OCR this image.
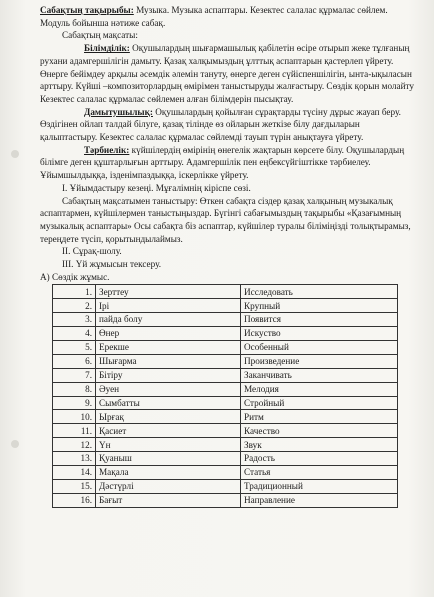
Сабақтың тақырыбы: Музыка. Музыка аспаптары. Кезектес салалас құрмалас сөйлем. Модуль бойынша нәтиже сабақ.

Сабақтың мақсаты:

Білімділік: Оқушылардың шығармашылық қабілетін өсіре отырып жеке тұлғаның рухани адамгершілігін дамыту. Қазақ халқымыздың ұлттық аспаптарын қастерлеп үйрету. Өнерге бейімдеу арқылы әсемдік әлемін тануту, өнерге деген сүйіспеншілігін, ынта-ықыласын арттыру. Күйші –композиторлардың өмірімен таныстыруды жалғастыру. Сөздік қорын молайту Кезектес салалас құрмалас сөйлемен алған білімдерін пысықтау.

Дамытушылық: Оқушылардың қойылған сұрақтарды түсіну дұрыс жауап беру. Өздігінен ойлап талдай білуге, қазақ тілінде өз ойларын жеткізе білу дағдыларын қалыптастыру. Кезектес салалас құрмалас сөйлемді тауып түрін анықтауға үйрету.

Тәрбиелік: күйшілердің өмірінің өнегелік жақтарын көрсете білу. Оқушылардың білімге деген құштарлығын арттыру. Адамгершілік пен еңбексүйгіштікке тәрбиелеу. Ұйымшылдыққа, ізденімпаздыққа, іскерлікке үйрету.

I. Ұйымдастыру кезеңі. Мұғалімнің кіріспе сөзі.

Сабақтың мақсатымен таныстыру: Өткен сабақта сіздер қазақ халқының музыкалық аспаптармен, күйшілермен таныстыңыздар. Бүгінгі сабағымыздың тақырыбы «Қазағымның музыкалық аспаптары» Осы сабақта біз аспаптар, күйшілер туралы біліміңізді толықтырамыз, тереңдете түсіп, қорытындылаймыз.

II. Сұрақ-шолу.

III. Үй жұмысын тексеру.

А) Сөздік жұмыс.

1.	Зерттеу	Исследовать
2.	Ірі	Крупный
3.	пайда болу	Появится
4.	Өнер	Искуство
5.	Ерекше	Особенный
6.	Шығарма	Произведение
7.	Бітіру	Заканчивать
8.	Әуен	Мелодия
9.	Сымбатты	Стройный
10.	Ырғақ	Ритм
11.	Қасиет	Качество
12.	Үн	Звук
13.	Қуаныш	Радость
14.	Мақала	Статья
15.	Дәстүрлі	Традиционный
16.	Бағыт	Направление
